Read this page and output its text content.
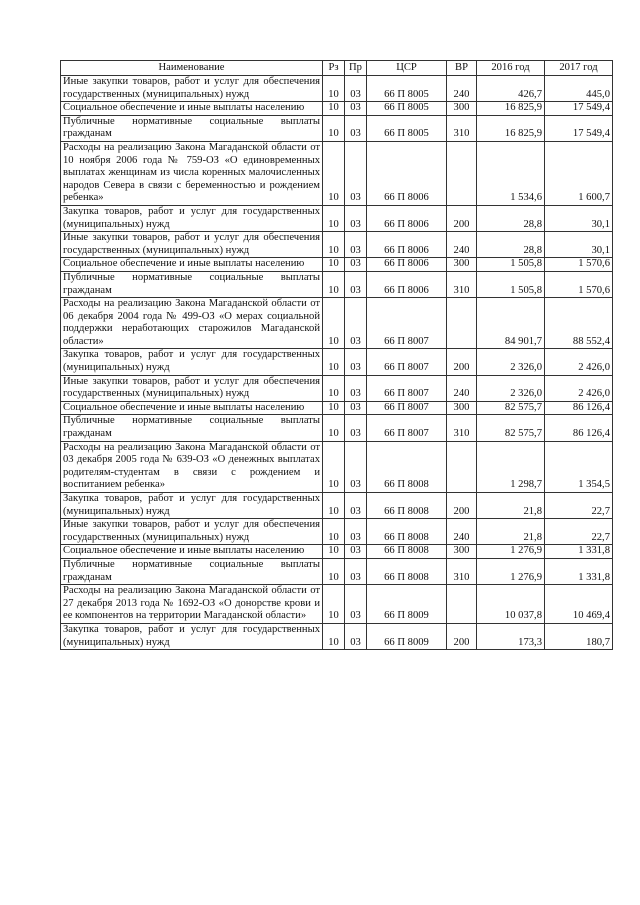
Наименование	Рз	Пр	ЦСР	ВР	2016 год	2017 год
Иные закупки товаров, работ и услуг для обеспечения государственных (муниципальных) нужд	10	03	66 П 8005	240	426,7	445,0
Социальное обеспечение и иные выплаты населению	10	03	66 П 8005	300	16 825,9	17 549,4
Публичные нормативные социальные выплаты гражданам	10	03	66 П 8005	310	16 825,9	17 549,4
Расходы на реализацию Закона Магаданской области от 10 ноября 2006 года № 759-ОЗ «О единовременных выплатах женщинам из числа коренных малочисленных народов Севера в связи с беременностью и рождением ребенка»	10	03	66 П 8006		1 534,6	1 600,7
Закупка товаров, работ и услуг для государственных (муниципальных) нужд	10	03	66 П 8006	200	28,8	30,1
Иные закупки товаров, работ и услуг для обеспечения государственных (муниципальных) нужд	10	03	66 П 8006	240	28,8	30,1
Социальное обеспечение и иные выплаты населению	10	03	66 П 8006	300	1 505,8	1 570,6
Публичные нормативные социальные выплаты гражданам	10	03	66 П 8006	310	1 505,8	1 570,6
Расходы на реализацию Закона Магаданской области от 06 декабря 2004 года № 499-ОЗ «О мерах социальной поддержки неработающих старожилов Магаданской области»	10	03	66 П 8007		84 901,7	88 552,4
Закупка товаров, работ и услуг для государственных (муниципальных) нужд	10	03	66 П 8007	200	2 326,0	2 426,0
Иные закупки товаров, работ и услуг для обеспечения государственных (муниципальных) нужд	10	03	66 П 8007	240	2 326,0	2 426,0
Социальное обеспечение и иные выплаты населению	10	03	66 П 8007	300	82 575,7	86 126,4
Публичные нормативные социальные выплаты гражданам	10	03	66 П 8007	310	82 575,7	86 126,4
Расходы на реализацию Закона Магаданской области от 03 декабря 2005 года № 639-ОЗ «О денежных выплатах родителям-студентам в связи с рождением и воспитанием ребенка»	10	03	66 П 8008		1 298,7	1 354,5
Закупка товаров, работ и услуг для государственных (муниципальных) нужд	10	03	66 П 8008	200	21,8	22,7
Иные закупки товаров, работ и услуг для обеспечения государственных (муниципальных) нужд	10	03	66 П 8008	240	21,8	22,7
Социальное обеспечение и иные выплаты населению	10	03	66 П 8008	300	1 276,9	1 331,8
Публичные нормативные социальные выплаты гражданам	10	03	66 П 8008	310	1 276,9	1 331,8
Расходы на реализацию Закона Магаданской области от 27 декабря 2013 года № 1692-ОЗ «О донорстве крови и ее компонентов на территории Магаданской области»	10	03	66 П 8009		10 037,8	10 469,4
Закупка товаров, работ и услуг для государственных (муниципальных) нужд	10	03	66 П 8009	200	173,3	180,7
